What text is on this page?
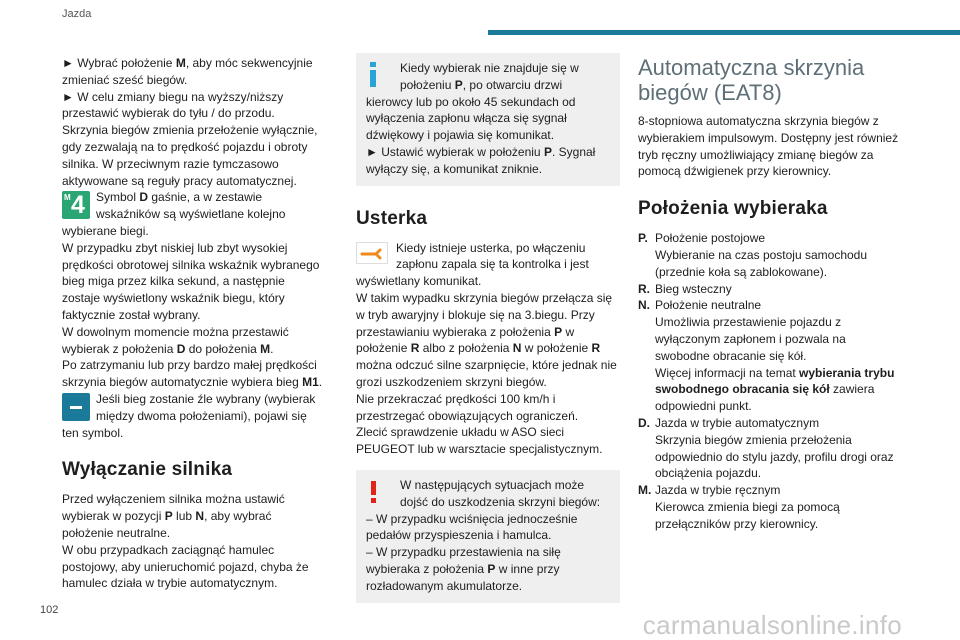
Jazda

► Wybrać położenie M, aby móc sekwencyjnie zmieniać sześć biegów.

► W celu zmiany biegu na wyższy/niższy przestawić wybierak do tyłu / do przodu.

Skrzynia biegów zmienia przełożenie wyłącznie, gdy zezwalają na to prędkość pojazdu i obroty silnika. W przeciwnym razie tymczasowo aktywowane są reguły pracy automatycznej.

M 4 Symbol D gaśnie, a w zestawie wskaźników są wyświetlane kolejno wybierane biegi.

W przypadku zbyt niskiej lub zbyt wysokiej prędkości obrotowej silnika wskaźnik wybranego bieg miga przez kilka sekund, a następnie zostaje wyświetlony wskaźnik biegu, który faktycznie został wybrany.

W dowolnym momencie można przestawić wybierak z położenia D do położenia M.

Po zatrzymaniu lub przy bardzo małej prędkości skrzynia biegów automatycznie wybiera bieg M1.

Jeśli bieg zostanie źle wybrany (wybierak między dwoma położeniami), pojawi się ten symbol.

Wyłączanie silnika

Przed wyłączeniem silnika można ustawić wybierak w pozycji P lub N, aby wybrać położenie neutralne.

W obu przypadkach zaciągnąć hamulec postojowy, aby unieruchomić pojazd, chyba że hamulec działa w trybie automatycznym.

Kiedy wybierak nie znajduje się w położeniu P, po otwarciu drzwi kierowcy lub po około 45 sekundach od wyłączenia zapłonu włącza się sygnał dźwiękowy i pojawia się komunikat.

► Ustawić wybierak w położeniu P. Sygnał wyłączy się, a komunikat zniknie.

Usterka

Kiedy istnieje usterka, po włączeniu zapłonu zapala się ta kontrolka i jest wyświetlany komunikat.

W takim wypadku skrzynia biegów przełącza się w tryb awaryjny i blokuje się na 3.biegu. Przy przestawianiu wybieraka z położenia P w położenie R albo z położenia N w położenie R można odczuć silne szarpnięcie, które jednak nie grozi uszkodzeniem skrzyni biegów.

Nie przekraczać prędkości 100 km/h i przestrzegać obowiązujących ograniczeń.

Zlecić sprawdzenie układu w ASO sieci PEUGEOT lub w warsztacie specjalistycznym.

W następujących sytuacjach może dojść do uszkodzenia skrzyni biegów:

– W przypadku wciśnięcia jednocześnie pedałów przyspieszenia i hamulca.

– W przypadku przestawienia na siłę wybieraka z położenia P w inne przy rozładowanym akumulatorze.

Automatyczna skrzynia biegów (EAT8)

8-stopniowa automatyczna skrzynia biegów z wybierakiem impulsowym. Dostępny jest również tryb ręczny umożliwiający zmianę biegów za pomocą dźwigienek przy kierownicy.

Położenia wybieraka
P. Położenie postojowe
Wybieranie na czas postoju samochodu (przednie koła są zablokowane).
R. Bieg wsteczny
N. Położenie neutralne
Umożliwia przestawienie pojazdu z wyłączonym zapłonem i pozwala na swobodne obracanie się kół.
Więcej informacji na temat wybierania trybu swobodnego obracania się kół zawiera odpowiedni punkt.
D. Jazda w trybie automatycznym
Skrzynia biegów zmienia przełożenia odpowiednio do stylu jazdy, profilu drogi oraz obciążenia pojazdu.
M. Jazda w trybie ręcznym
Kierowca zmienia biegi za pomocą przełączników przy kierownicy.
102	carmanualsonline.info
